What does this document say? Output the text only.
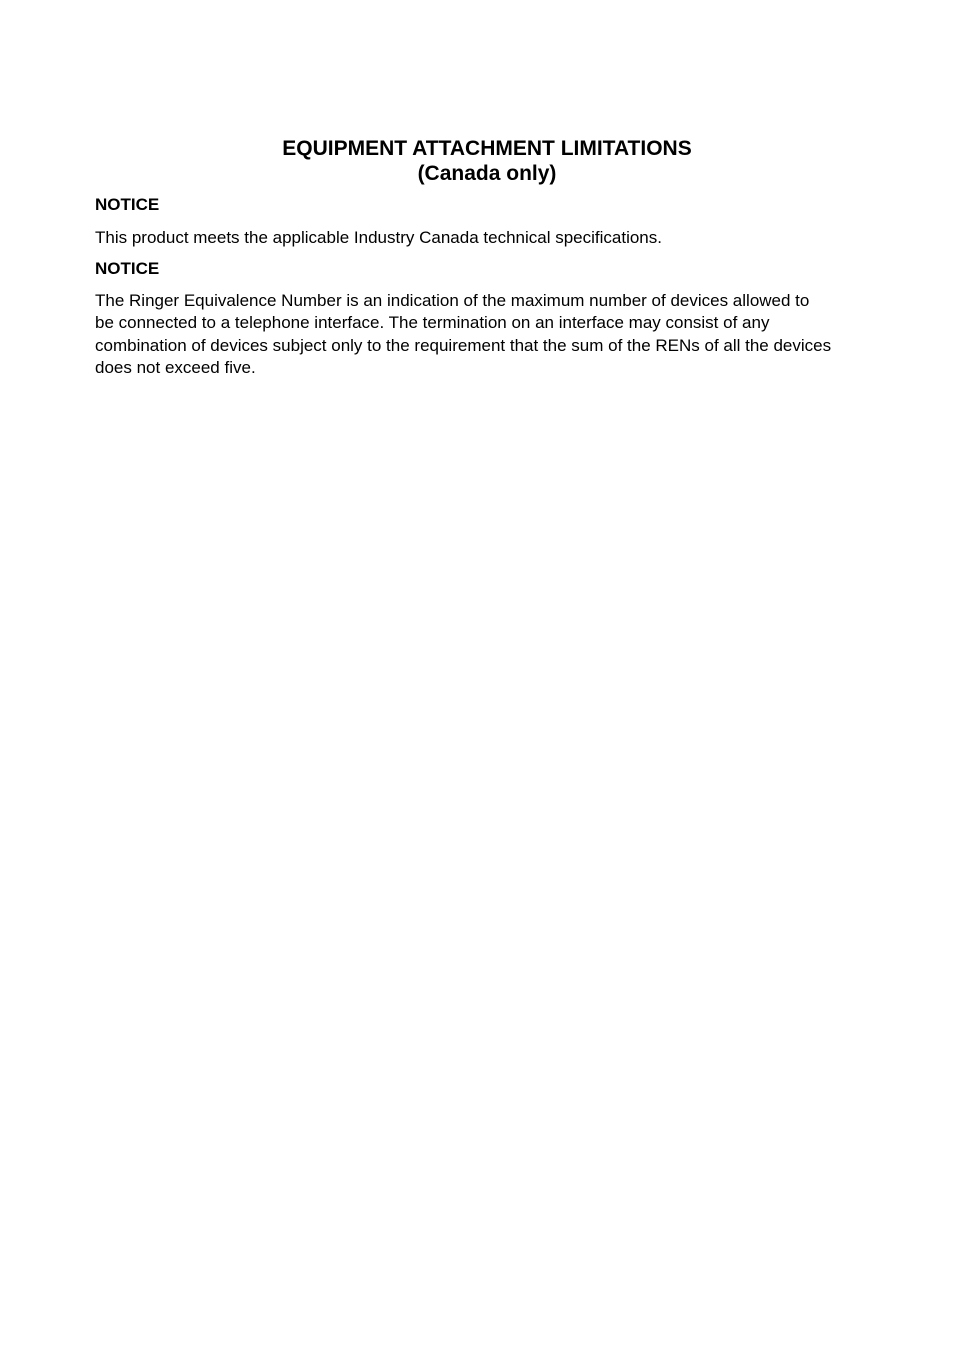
EQUIPMENT ATTACHMENT LIMITATIONS

(Canada only)

NOTICE

This product meets the applicable Industry Canada technical specifications.

NOTICE

The Ringer Equivalence Number is an indication of the maximum number of devices allowed to
be connected to a telephone interface. The termination on an interface may consist of any
combination of devices subject only to the requirement that the sum of the RENs of all the devices
does not exceed five.
